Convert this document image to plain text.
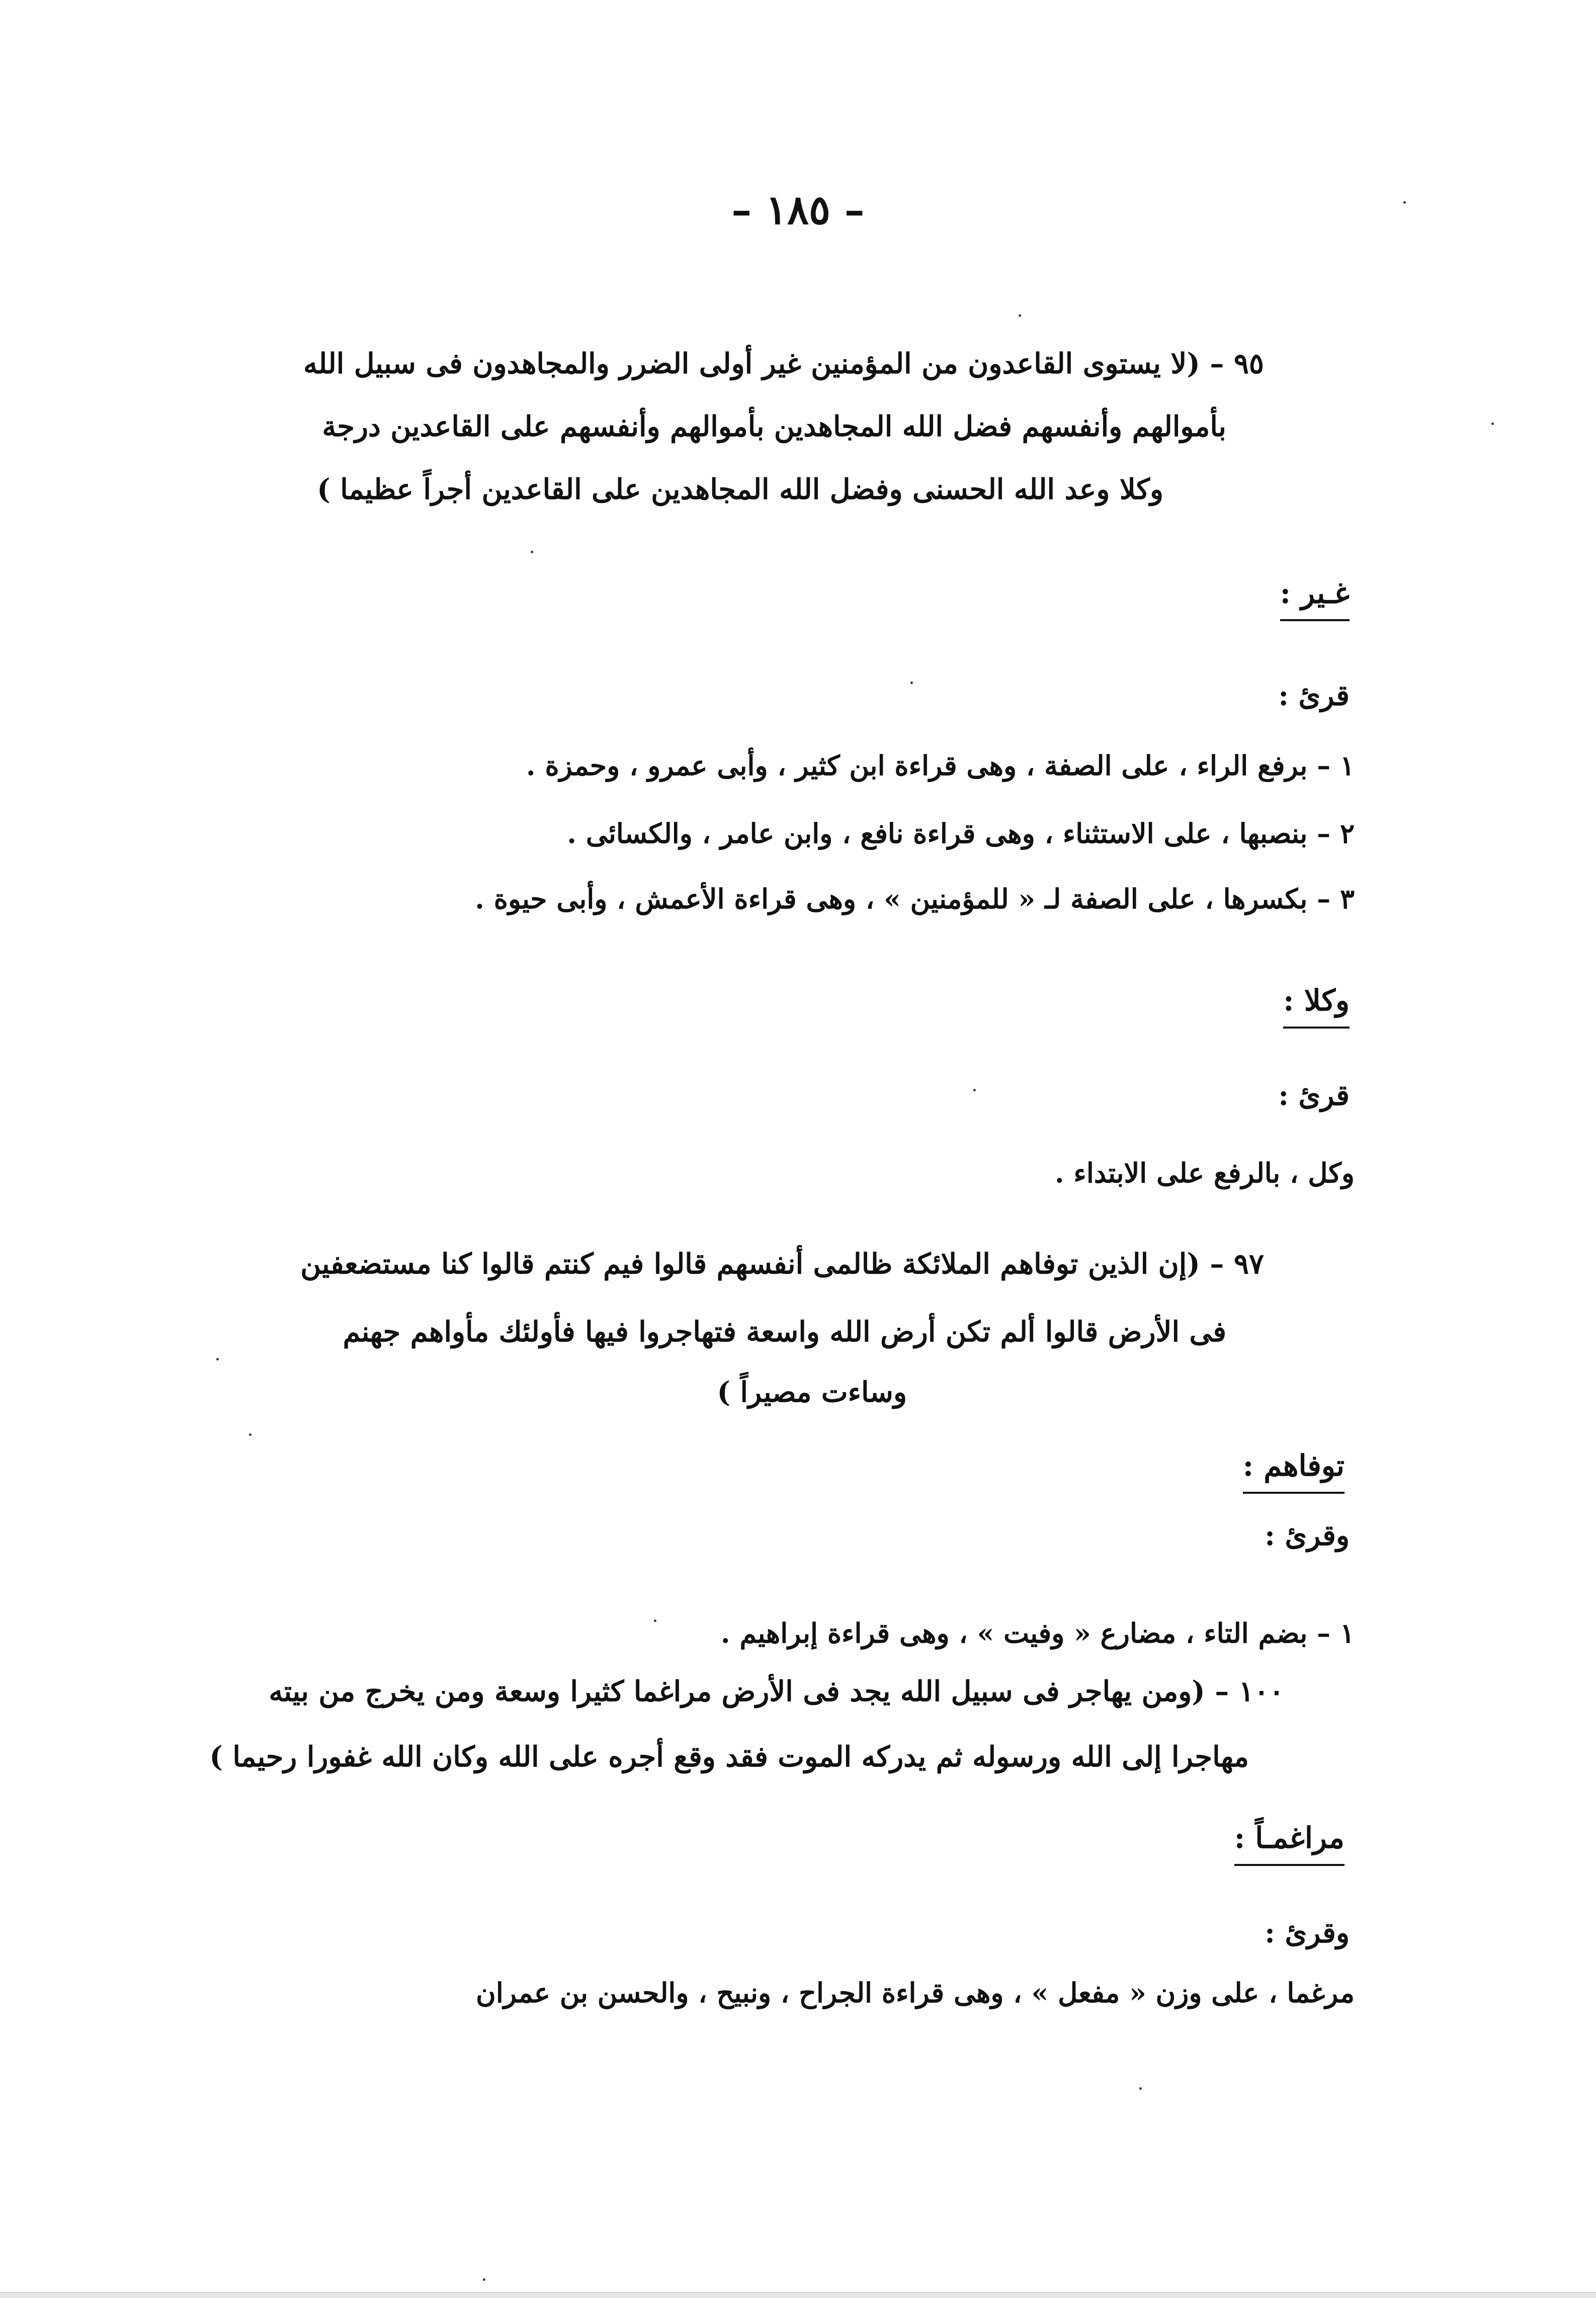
– ١٨٥ –
٩٥ – (لا يستوى القاعدون من المؤمنين غير أولى الضرر والمجاهدون فى سبيل الله
بأموالهم وأنفسهم فضل الله المجاهدين بأموالهم وأنفسهم على القاعدين درجة
وكلا وعد الله الحسنى وفضل الله المجاهدين على القاعدين أجراً عظيما )
غـير :
قرئ :
١ – برفع الراء ، على الصفة ، وهى قراءة ابن كثير ، وأبى عمرو ، وحمزة .
٢ – بنصبها ، على الاستثناء ، وهى قراءة نافع ، وابن عامر ، والكسائى .
٣ – بكسرها ، على الصفة لـ « للمؤمنين » ، وهى قراءة الأعمش ، وأبى حيوة .
وكلا :
قرئ :
وكل ، بالرفع على الابتداء .
٩٧ – (إن الذين توفاهم الملائكة ظالمى أنفسهم قالوا فيم كنتم قالوا كنا مستضعفين
فى الأرض قالوا ألم تكن أرض الله واسعة فتهاجروا فيها فأولئك مأواهم جهنم
وساءت مصيراً )
توفاهم :
وقرئ :
١ – بضم التاء ، مضارع « وفيت » ، وهى قراءة إبراهيم .
١٠٠ – (ومن يهاجر فى سبيل الله يجد فى الأرض مراغما كثيرا وسعة ومن يخرج من بيته
مهاجرا إلى الله ورسوله ثم يدركه الموت فقد وقع أجره على الله وكان الله غفورا رحيما )
مراغمـاً :
وقرئ :
مرغما ، على وزن « مفعل » ، وهى قراءة الجراح ، ونبيح ، والحسن بن عمران
